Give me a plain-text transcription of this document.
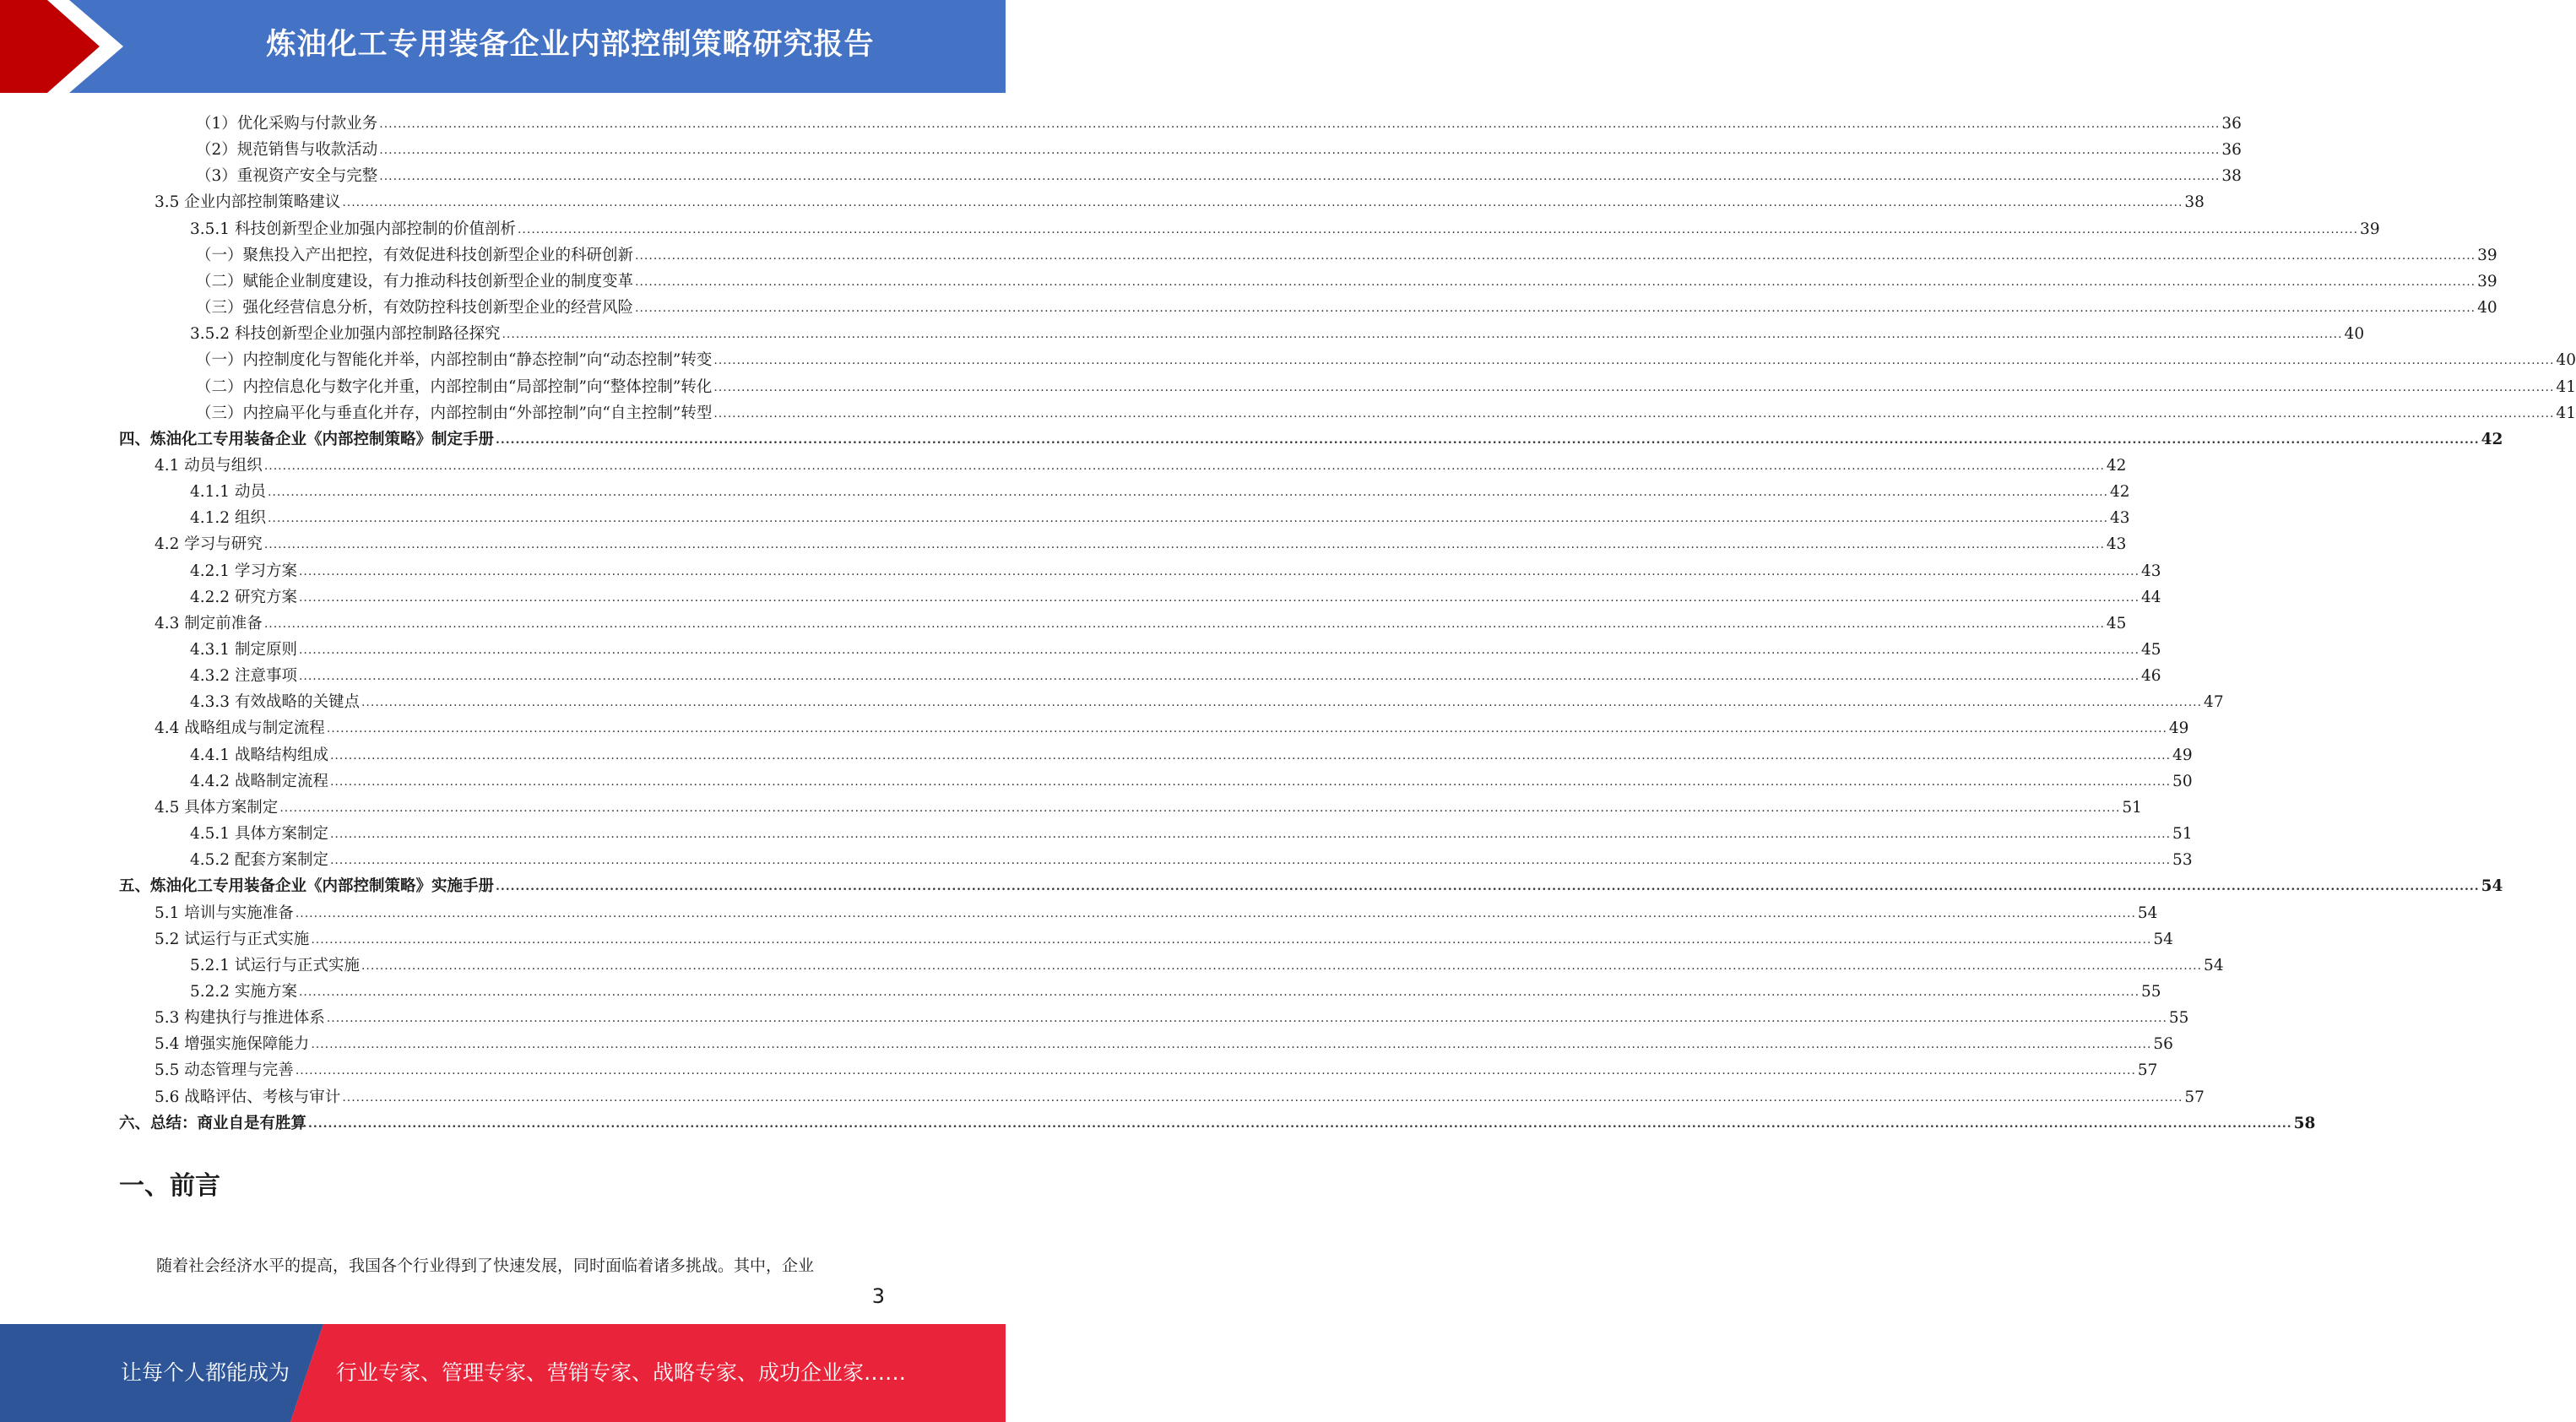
炼油化工专用装备企业内部控制策略研究报告
（1）优化采购与付款业务 ................................................................................................................................................................................................................................................................................................................................................................................................................ 36
（2）规范销售与收款活动 ................................................................................................................................................................................................................................................................................................................................................................................................................ 36
（3）重视资产安全与完整 ................................................................................................................................................................................................................................................................................................................................................................................................................ 38
3.5 企业内部控制策略建议 ................................................................................................................................................................................................................................................................................................................................................................................................................ 38
3.5.1 科技创新型企业加强内部控制的价值剖析 ................................................................................................................................................................................................................................................................................................................................................................................................................ 39
（一）聚焦投入产出把控，有效促进科技创新型企业的科研创新 ................................................................................................................................................................................................................................................................................................................................................................................................................ 39
（二）赋能企业制度建设，有力推动科技创新型企业的制度变革 ................................................................................................................................................................................................................................................................................................................................................................................................................ 39
（三）强化经营信息分析，有效防控科技创新型企业的经营风险 ................................................................................................................................................................................................................................................................................................................................................................................................................ 40
3.5.2 科技创新型企业加强内部控制路径探究 ................................................................................................................................................................................................................................................................................................................................................................................................................ 40
（一）内控制度化与智能化并举，内部控制由“静态控制”向“动态控制”转变 ................................................................................................................................................................................................................................................................................................................................................................................................................ 40
（二）内控信息化与数字化并重，内部控制由“局部控制”向“整体控制”转化 ................................................................................................................................................................................................................................................................................................................................................................................................................ 41
（三）内控扁平化与垂直化并存，内部控制由“外部控制”向“自主控制”转型 ................................................................................................................................................................................................................................................................................................................................................................................................................ 41
四、炼油化工专用装备企业《内部控制策略》制定手册 ................................................................................................................................................................................................................................................................................................................................................................................................................ 42
4.1 动员与组织 ................................................................................................................................................................................................................................................................................................................................................................................................................ 42
4.1.1 动员 ................................................................................................................................................................................................................................................................................................................................................................................................................ 42
4.1.2 组织 ................................................................................................................................................................................................................................................................................................................................................................................................................ 43
4.2 学习与研究 ................................................................................................................................................................................................................................................................................................................................................................................................................ 43
4.2.1 学习方案 ................................................................................................................................................................................................................................................................................................................................................................................................................ 43
4.2.2 研究方案 ................................................................................................................................................................................................................................................................................................................................................................................................................ 44
4.3 制定前准备 ................................................................................................................................................................................................................................................................................................................................................................................................................ 45
4.3.1 制定原则 ................................................................................................................................................................................................................................................................................................................................................................................................................ 45
4.3.2 注意事项 ................................................................................................................................................................................................................................................................................................................................................................................................................ 46
4.3.3 有效战略的关键点 ................................................................................................................................................................................................................................................................................................................................................................................................................ 47
4.4 战略组成与制定流程 ................................................................................................................................................................................................................................................................................................................................................................................................................ 49
4.4.1 战略结构组成 ................................................................................................................................................................................................................................................................................................................................................................................................................ 49
4.4.2 战略制定流程 ................................................................................................................................................................................................................................................................................................................................................................................................................ 50
4.5 具体方案制定 ................................................................................................................................................................................................................................................................................................................................................................................................................ 51
4.5.1 具体方案制定 ................................................................................................................................................................................................................................................................................................................................................................................................................ 51
4.5.2 配套方案制定 ................................................................................................................................................................................................................................................................................................................................................................................................................ 53
五、炼油化工专用装备企业《内部控制策略》实施手册 ................................................................................................................................................................................................................................................................................................................................................................................................................ 54
5.1 培训与实施准备 ................................................................................................................................................................................................................................................................................................................................................................................................................ 54
5.2 试运行与正式实施 ................................................................................................................................................................................................................................................................................................................................................................................................................ 54
5.2.1 试运行与正式实施 ................................................................................................................................................................................................................................................................................................................................................................................................................ 54
5.2.2 实施方案 ................................................................................................................................................................................................................................................................................................................................................................................................................ 55
5.3 构建执行与推进体系 ................................................................................................................................................................................................................................................................................................................................................................................................................ 55
5.4 增强实施保障能力 ................................................................................................................................................................................................................................................................................................................................................................................................................ 56
5.5 动态管理与完善 ................................................................................................................................................................................................................................................................................................................................................................................................................ 57
5.6 战略评估、考核与审计 ................................................................................................................................................................................................................................................................................................................................................................................................................ 57
六、总结：商业自是有胜算 ................................................................................................................................................................................................................................................................................................................................................................................................................ 58
一、前言
随着社会经济水平的提高，我国各个行业得到了快速发展，同时面临着诸多挑战。其中，企业
3
让每个人都能成为 行业专家、管理专家、营销专家、战略专家、成功企业家……
